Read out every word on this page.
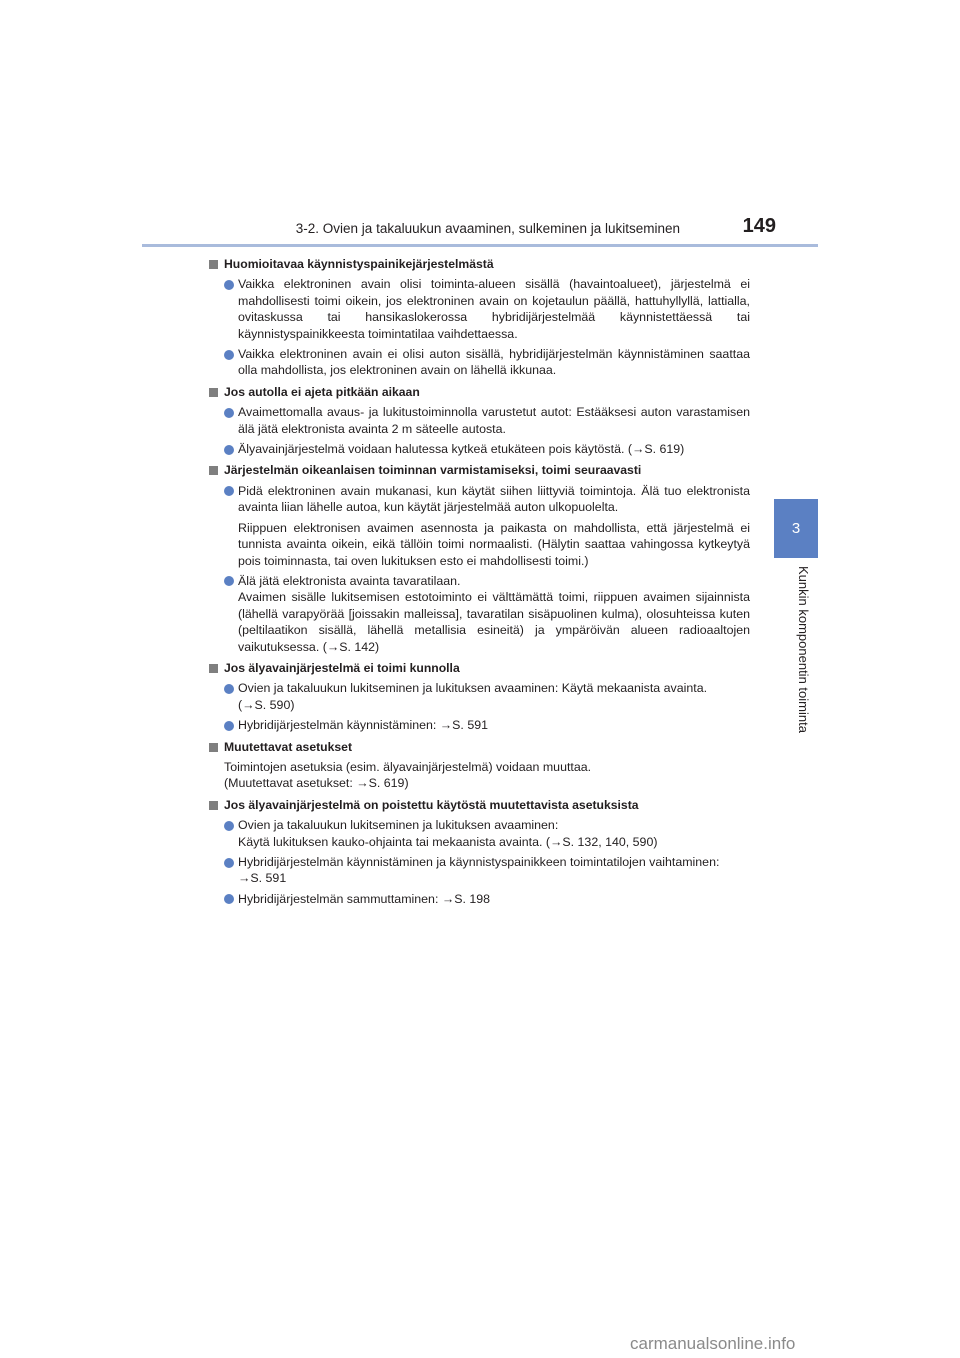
3-2. Ovien ja takaluukun avaaminen, sulkeminen ja lukitseminen	149
3
Kunkin komponentin toiminta
Huomioitavaa käynnistyspainikejärjestelmästä

Vaikka elektroninen avain olisi toiminta-alueen sisällä (havaintoalueet), järjestelmä ei mahdollisesti toimi oikein, jos elektroninen avain on kojetaulun päällä, hattuhyllyllä, lattialla, ovitaskussa tai hansikaslokerossa hybridijärjestelmää käynnistettäessä tai käynnistyspainikkeesta toimintatilaa vaihdettaessa.

Vaikka elektroninen avain ei olisi auton sisällä, hybridijärjestelmän käynnistäminen saattaa olla mahdollista, jos elektroninen avain on lähellä ikkunaa.

Jos autolla ei ajeta pitkään aikaan

Avaimettomalla avaus- ja lukitustoiminnolla varustetut autot: Estääksesi auton varastamisen älä jätä elektronista avainta 2 m säteelle autosta.

Älyavainjärjestelmä voidaan halutessa kytkeä etukäteen pois käytöstä. (→S. 619)

Järjestelmän oikeanlaisen toiminnan varmistamiseksi, toimi seuraavasti

Pidä elektroninen avain mukanasi, kun käytät siihen liittyviä toimintoja. Älä tuo elektronista avainta liian lähelle autoa, kun käytät järjestelmää auton ulkopuolelta.

Riippuen elektronisen avaimen asennosta ja paikasta on mahdollista, että järjestelmä ei tunnista avainta oikein, eikä tällöin toimi normaalisti. (Hälytin saattaa vahingossa kytkeytyä pois toiminnasta, tai oven lukituksen esto ei mahdollisesti toimi.)

Älä jätä elektronista avainta tavaratilaan.
Avaimen sisälle lukitsemisen estotoiminto ei välttämättä toimi, riippuen avaimen sijainnista (lähellä varapyörää [joissakin malleissa], tavaratilan sisäpuolinen kulma), olosuhteissa kuten (peltilaatikon sisällä, lähellä metallisia esineitä) ja ympäröivän alueen radioaaltojen vaikutuksessa. (→S. 142)

Jos älyavainjärjestelmä ei toimi kunnolla

Ovien ja takaluukun lukitseminen ja lukituksen avaaminen: Käytä mekaanista avainta.
(→S. 590)

Hybridijärjestelmän käynnistäminen: →S. 591

Muutettavat asetukset

Toimintojen asetuksia (esim. älyavainjärjestelmä) voidaan muuttaa.
(Muutettavat asetukset: →S. 619)

Jos älyavainjärjestelmä on poistettu käytöstä muutettavista asetuksista

Ovien ja takaluukun lukitseminen ja lukituksen avaaminen:
Käytä lukituksen kauko-ohjainta tai mekaanista avainta. (→S. 132, 140, 590)

Hybridijärjestelmän käynnistäminen ja käynnistyspainikkeen toimintatilojen vaihtaminen:
→S. 591

Hybridijärjestelmän sammuttaminen: →S. 198

carmanualsonline.info
